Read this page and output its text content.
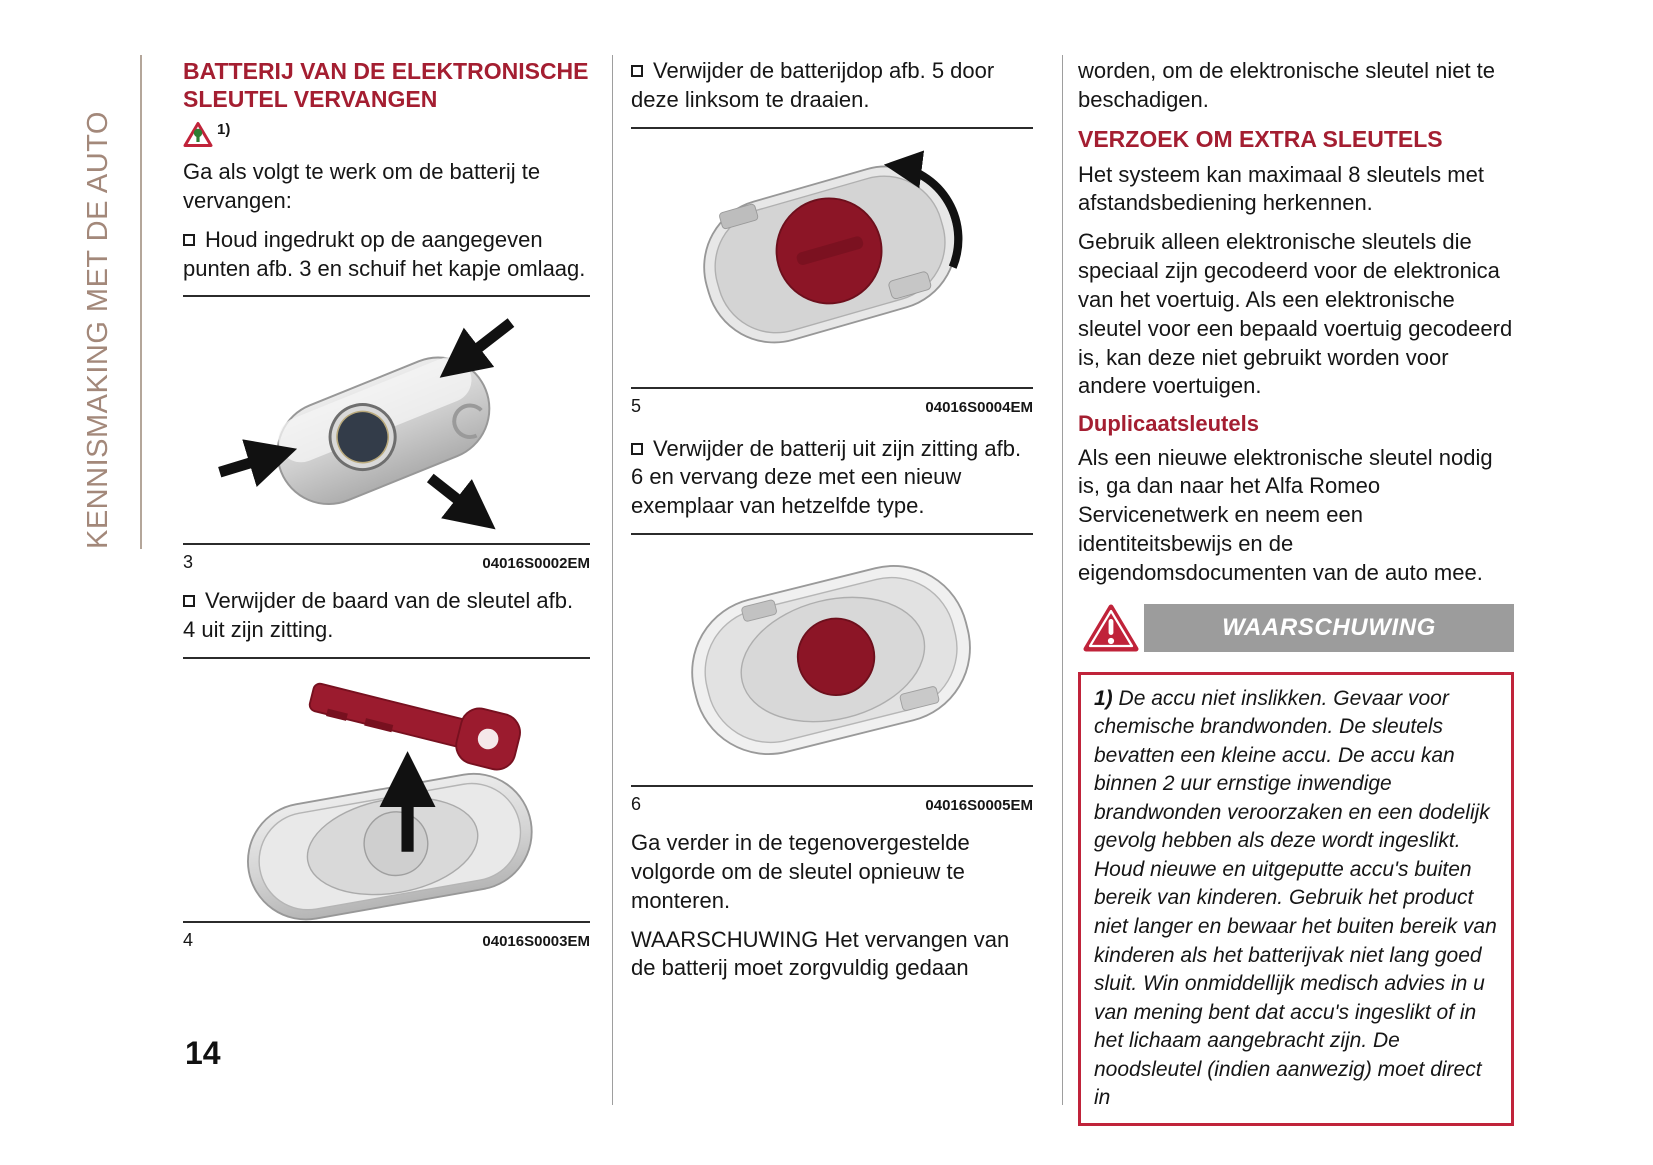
KENNISMAKING MET DE AUTO
BATTERIJ VAN DE ELEKTRONISCHE SLEUTEL VERVANGEN
1)

Ga als volgt te werk om de batterij te vervangen:

Houd ingedrukt op de aangegeven punten afb. 3 en schuif het kapje omlaag.

3	04016S0002EM

Verwijder de baard van de sleutel afb. 4 uit zijn zitting.

4	04016S0003EM

Verwijder de batterijdop afb. 5 door deze linksom te draaien.

5	04016S0004EM

Verwijder de batterij uit zijn zitting afb. 6 en vervang deze met een nieuw exemplaar van hetzelfde type.

6	04016S0005EM

Ga verder in de tegenovergestelde volgorde om de sleutel opnieuw te monteren.

WAARSCHUWING Het vervangen van de batterij moet zorgvuldig gedaan

worden, om de elektronische sleutel niet te beschadigen.

VERZOEK OM EXTRA SLEUTELS

Het systeem kan maximaal 8 sleutels met afstandsbediening herkennen.

Gebruik alleen elektronische sleutels die speciaal zijn gecodeerd voor de elektronica van het voertuig. Als een elektronische sleutel voor een bepaald voertuig gecodeerd is, kan deze niet gebruikt worden voor andere voertuigen.

Duplicaatsleutels

Als een nieuwe elektronische sleutel nodig is, ga dan naar het Alfa Romeo Servicenetwerk en neem een identiteitsbewijs en de eigendomsdocumenten van de auto mee.

WAARSCHUWING
1) De accu niet inslikken. Gevaar voor chemische brandwonden. De sleutels bevatten een kleine accu. De accu kan binnen 2 uur ernstige inwendige brandwonden veroorzaken en een dodelijk gevolg hebben als deze wordt ingeslikt. Houd nieuwe en uitgeputte accu's buiten bereik van kinderen. Gebruik het product niet langer en bewaar het buiten bereik van kinderen als het batterijvak niet lang goed sluit. Win onmiddellijk medisch advies in u van mening bent dat accu's ingeslikt of in het lichaam aangebracht zijn. De noodsleutel (indien aanwezig) moet direct in
14
